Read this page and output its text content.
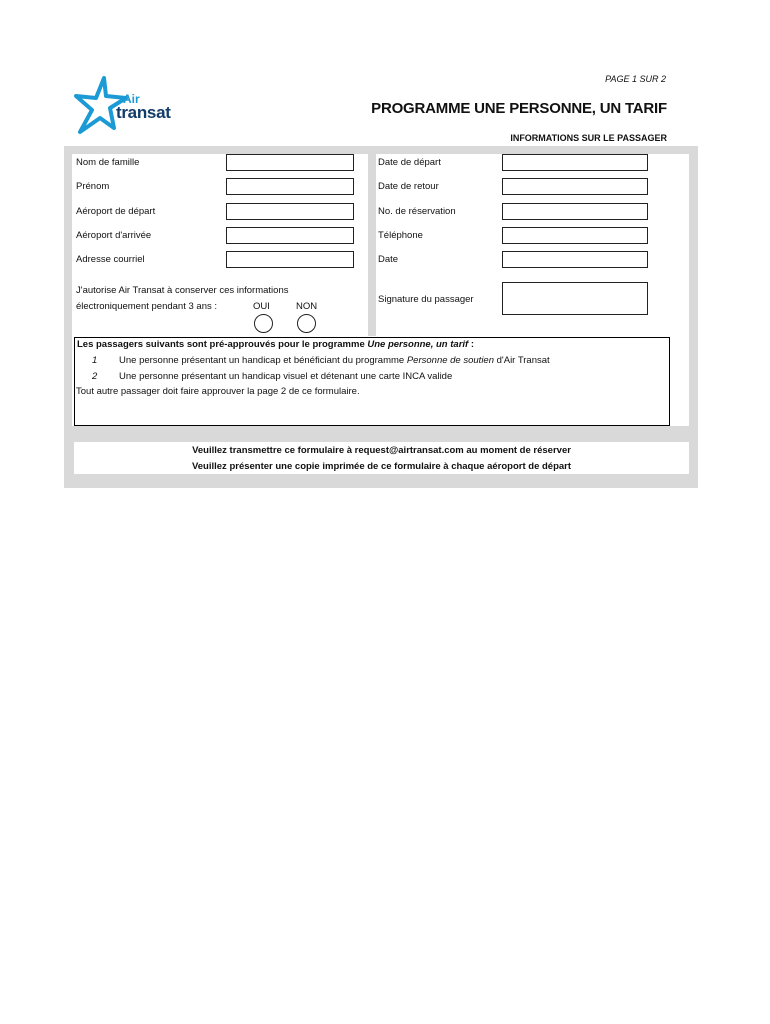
PAGE 1 SUR 2
Air
transat	PROGRAMME UNE PERSONNE, UN TARIF
INFORMATIONS SUR LE PASSAGER
Nom de famille
Prénom
Aéroport de départ
Aéroport d'arrivée
Adresse courriel
Date de départ
Date de retour
No. de réservation
Téléphone
Date
J'autorise Air Transat à conserver ces informations
électroniquement pendant 3 ans :	OUI	NON
Signature du passager
Les passagers suivants sont pré-approuvés pour le programme Une personne, un tarif :
1 Une personne présentant un handicap et bénéficiant du programme Personne de soutien d'Air Transat
2 Une personne présentant un handicap visuel et détenant une carte INCA valide
Tout autre passager doit faire approuver la page 2 de ce formulaire.
Veuillez transmettre ce formulaire à request@airtransat.com au moment de réserver
Veuillez présenter une copie imprimée de ce formulaire à chaque aéroport de départ
